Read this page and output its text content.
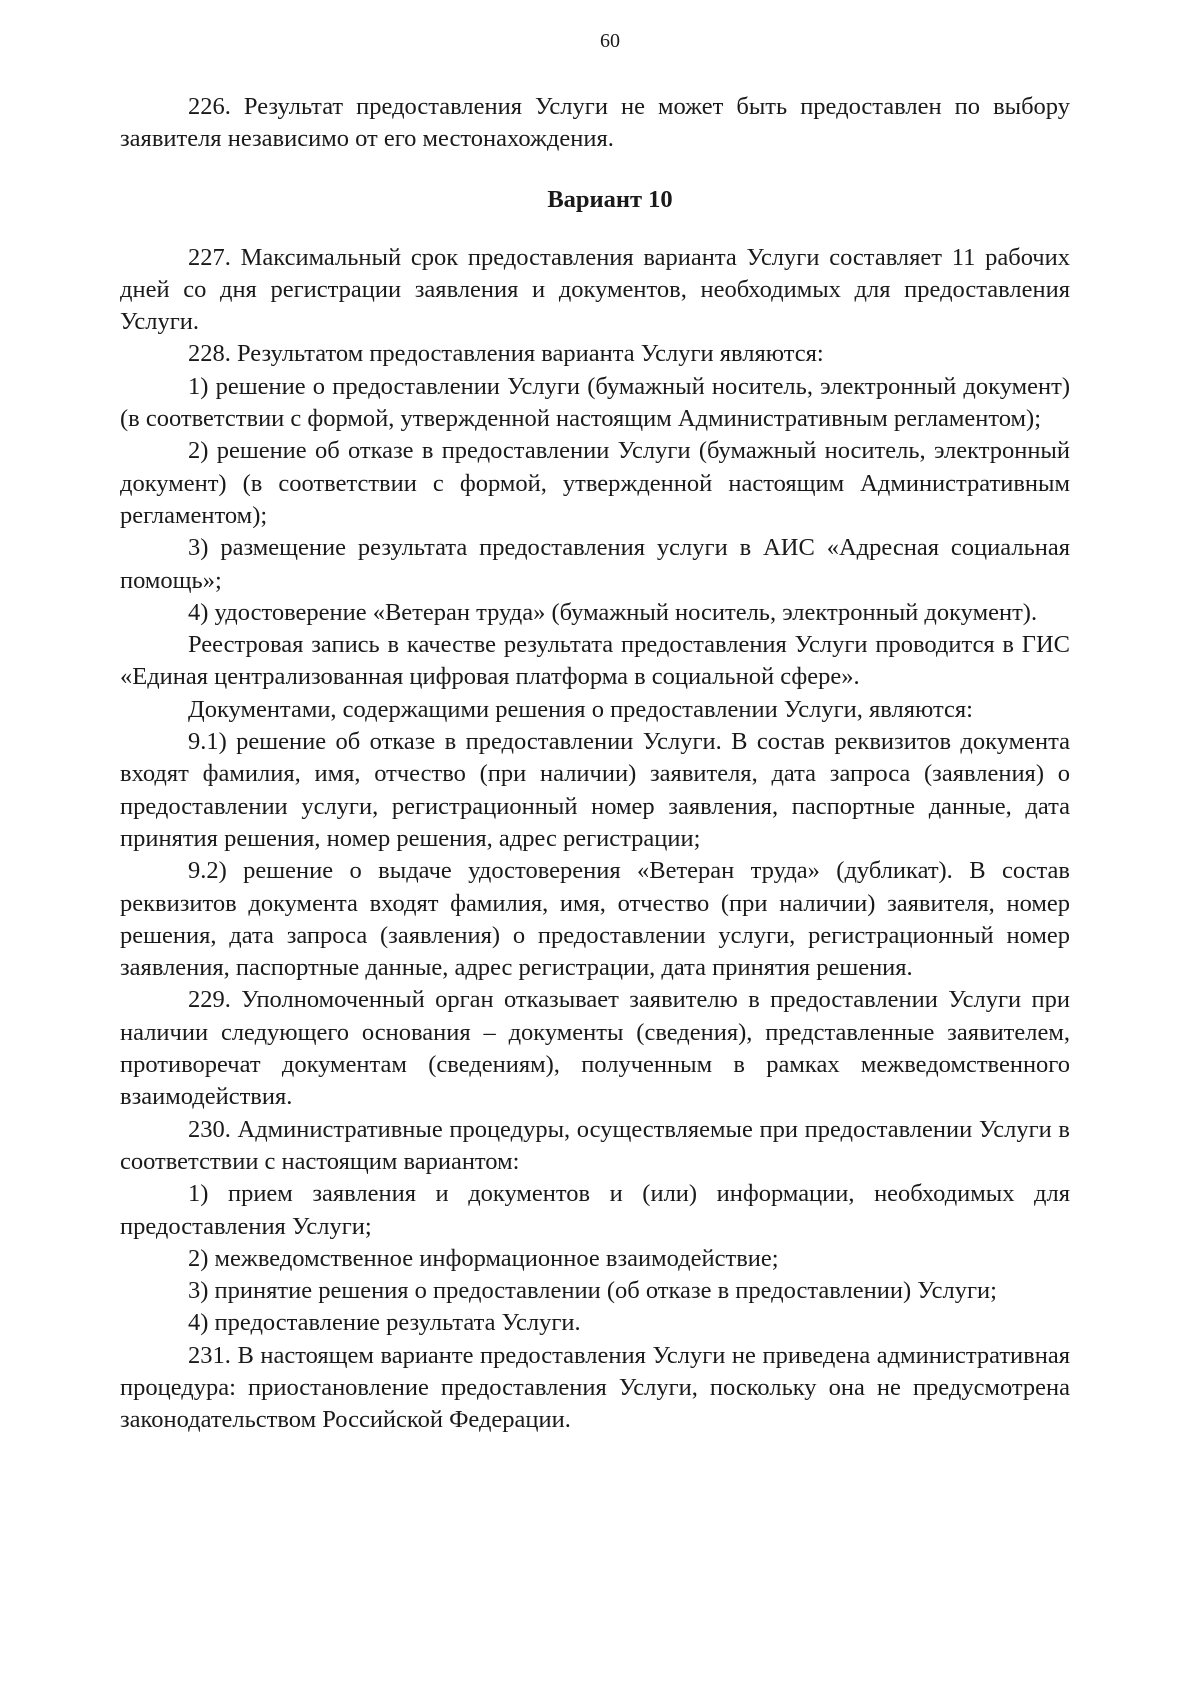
60

226. Результат предоставления Услуги не может быть предоставлен по выбору заявителя независимо от его местонахождения.

Вариант 10

227. Максимальный срок предоставления варианта Услуги составляет 11 рабочих дней со дня регистрации заявления и документов, необходимых для предоставления Услуги.

228. Результатом предоставления варианта Услуги являются:

1) решение о предоставлении Услуги (бумажный носитель, электронный документ) (в соответствии с формой, утвержденной настоящим Административным регламентом);

2) решение об отказе в предоставлении Услуги (бумажный носитель, электронный документ) (в соответствии с формой, утвержденной настоящим Административным регламентом);

3) размещение результата предоставления услуги в АИС «Адресная социальная помощь»;

4) удостоверение «Ветеран труда» (бумажный носитель, электронный документ).

Реестровая запись в качестве результата предоставления Услуги проводится в ГИС «Единая централизованная цифровая платформа в социальной сфере».

Документами, содержащими решения о предоставлении Услуги, являются:

9.1) решение об отказе в предоставлении Услуги. В состав реквизитов документа входят фамилия, имя, отчество (при наличии) заявителя, дата запроса (заявления) о предоставлении услуги, регистрационный номер заявления, паспортные данные, дата принятия решения, номер решения, адрес регистрации;

9.2) решение о выдаче удостоверения «Ветеран труда» (дубликат). В состав реквизитов документа входят фамилия, имя, отчество (при наличии) заявителя, номер решения, дата запроса (заявления) о предоставлении услуги, регистрационный номер заявления, паспортные данные, адрес регистрации, дата принятия решения.

229. Уполномоченный орган отказывает заявителю в предоставлении Услуги при наличии следующего основания – документы (сведения), представленные заявителем, противоречат документам (сведениям), полученным в рамках межведомственного взаимодействия.

230. Административные процедуры, осуществляемые при предоставлении Услуги в соответствии с настоящим вариантом:

1) прием заявления и документов и (или) информации, необходимых для предоставления Услуги;

2) межведомственное информационное взаимодействие;

3) принятие решения о предоставлении (об отказе в предоставлении) Услуги;

4) предоставление результата Услуги.

231. В настоящем варианте предоставления Услуги не приведена административная процедура: приостановление предоставления Услуги, поскольку она не предусмотрена законодательством Российской Федерации.
